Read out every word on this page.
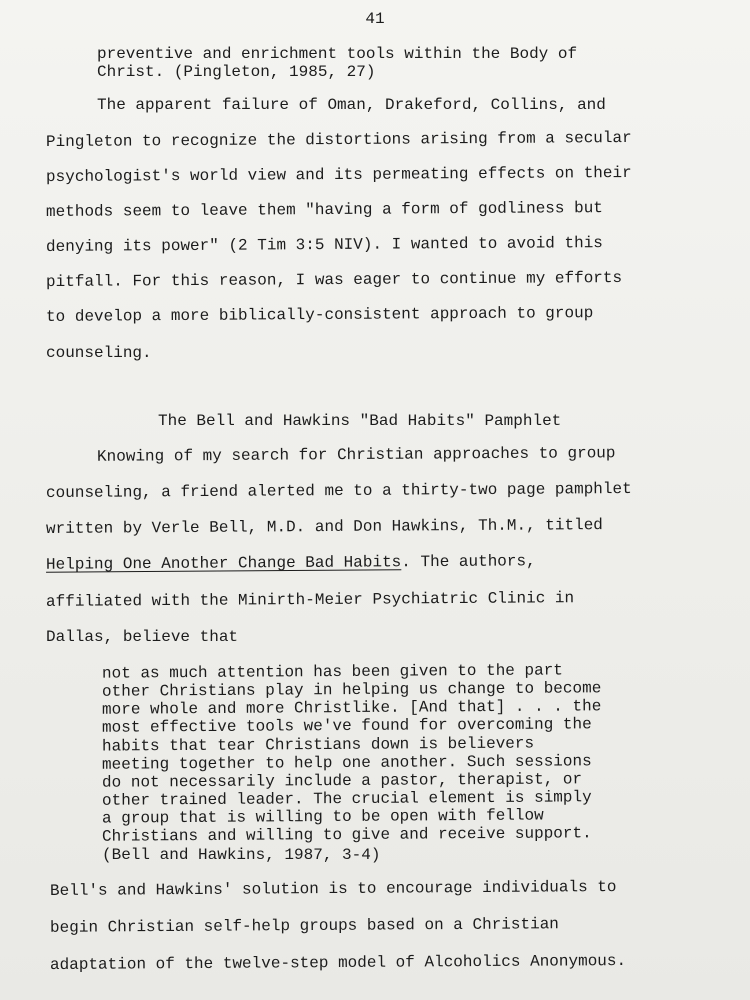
41
preventive and enrichment tools within the Body of
Christ. (Pingleton, 1985, 27)
The apparent failure of Oman, Drakeford, Collins, and
Pingleton to recognize the distortions arising from a secular
psychologist's world view and its permeating effects on their
methods seem to leave them "having a form of godliness but
denying its power" (2 Tim 3:5 NIV). I wanted to avoid this
pitfall. For this reason, I was eager to continue my efforts
to develop a more biblically-consistent approach to group
counseling.
The Bell and Hawkins "Bad Habits" Pamphlet
Knowing of my search for Christian approaches to group
counseling, a friend alerted me to a thirty-two page pamphlet
written by Verle Bell, M.D. and Don Hawkins, Th.M., titled
Helping One Another Change Bad Habits. The authors,
affiliated with the Minirth-Meier Psychiatric Clinic in
Dallas, believe that
not as much attention has been given to the part
other Christians play in helping us change to become
more whole and more Christlike. [And that] . . . the
most effective tools we've found for overcoming the
habits that tear Christians down is believers
meeting together to help one another. Such sessions
do not necessarily include a pastor, therapist, or
other trained leader. The crucial element is simply
a group that is willing to be open with fellow
Christians and willing to give and receive support.
(Bell and Hawkins, 1987, 3-4)
Bell's and Hawkins' solution is to encourage individuals to
begin Christian self-help groups based on a Christian
adaptation of the twelve-step model of Alcoholics Anonymous.
